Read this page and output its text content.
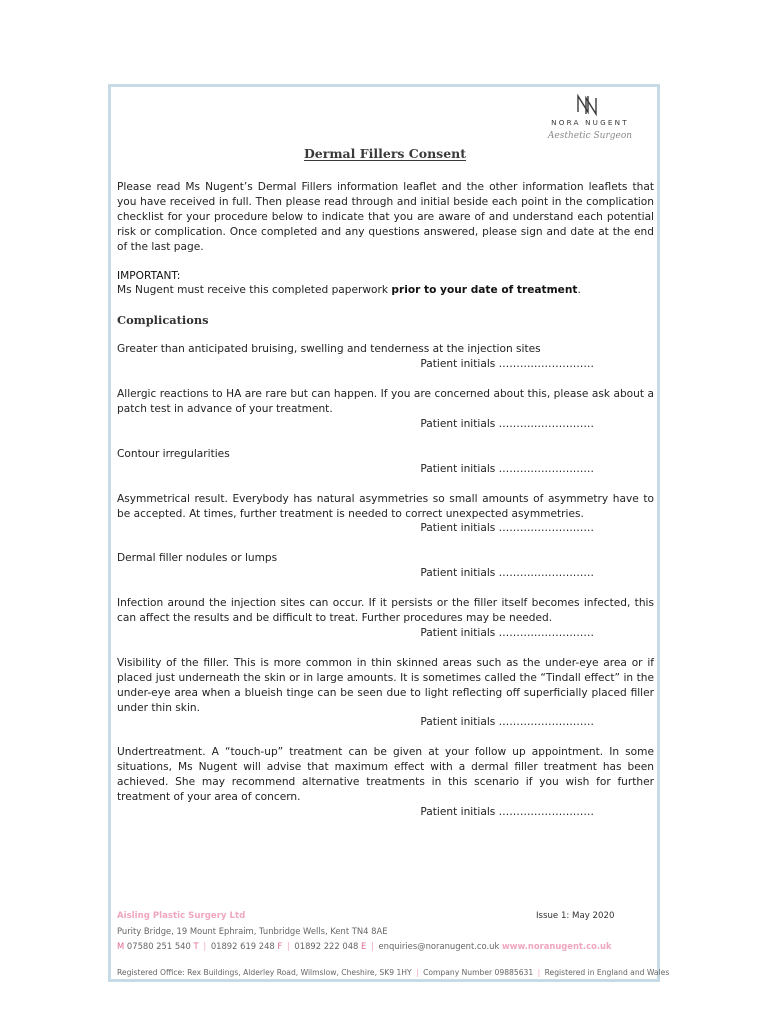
NORA NUGENT
Aesthetic Surgeon
Dermal Fillers Consent

Please read Ms Nugent’s Dermal Fillers information leaflet and the other information leaflets that you have received in full. Then please read through and initial beside each point in the complication checklist for your procedure below to indicate that you are aware of and understand each potential risk or complication. Once completed and any questions answered, please sign and date at the end of the last page.

IMPORTANT:

Ms Nugent must receive this completed paperwork prior to your date of treatment.

Complications

Greater than anticipated bruising, swelling and tenderness at the injection sites

Patient initials ………………………

Allergic reactions to HA are rare but can happen. If you are concerned about this, please ask about a patch test in advance of your treatment.

Patient initials ………………………

Contour irregularities

Patient initials ………………………

Asymmetrical result. Everybody has natural asymmetries so small amounts of asymmetry have to be accepted. At times, further treatment is needed to correct unexpected asymmetries.

Patient initials ………………………

Dermal filler nodules or lumps

Patient initials ………………………

Infection around the injection sites can occur. If it persists or the filler itself becomes infected, this can affect the results and be difficult to treat. Further procedures may be needed.

Patient initials ………………………

Visibility of the filler. This is more common in thin skinned areas such as the under-eye area or if placed just underneath the skin or in large amounts. It is sometimes called the “Tindall effect” in the under-eye area when a blueish tinge can be seen due to light reflecting off superficially placed filler under thin skin.

Patient initials ………………………

Undertreatment. A “touch-up” treatment can be given at your follow up appointment. In some situations, Ms Nugent will advise that maximum effect with a dermal filler treatment has been achieved. She may recommend alternative treatments in this scenario if you wish for further treatment of your area of concern.

Patient initials ………………………

Aisling Plastic Surgery Ltd	Issue 1: May 2020
Purity Bridge, 19 Mount Ephraim, Tunbridge Wells, Kent TN4 8AE
M 07580 251 540 T | 01892 619 248 F | 01892 222 048 E | enquiries@noranugent.co.uk www.noranugent.co.uk
Registered Office: Rex Buildings, Alderley Road, Wilmslow, Cheshire, SK9 1HY | Company Number 09885631 | Registered in England and Wales
